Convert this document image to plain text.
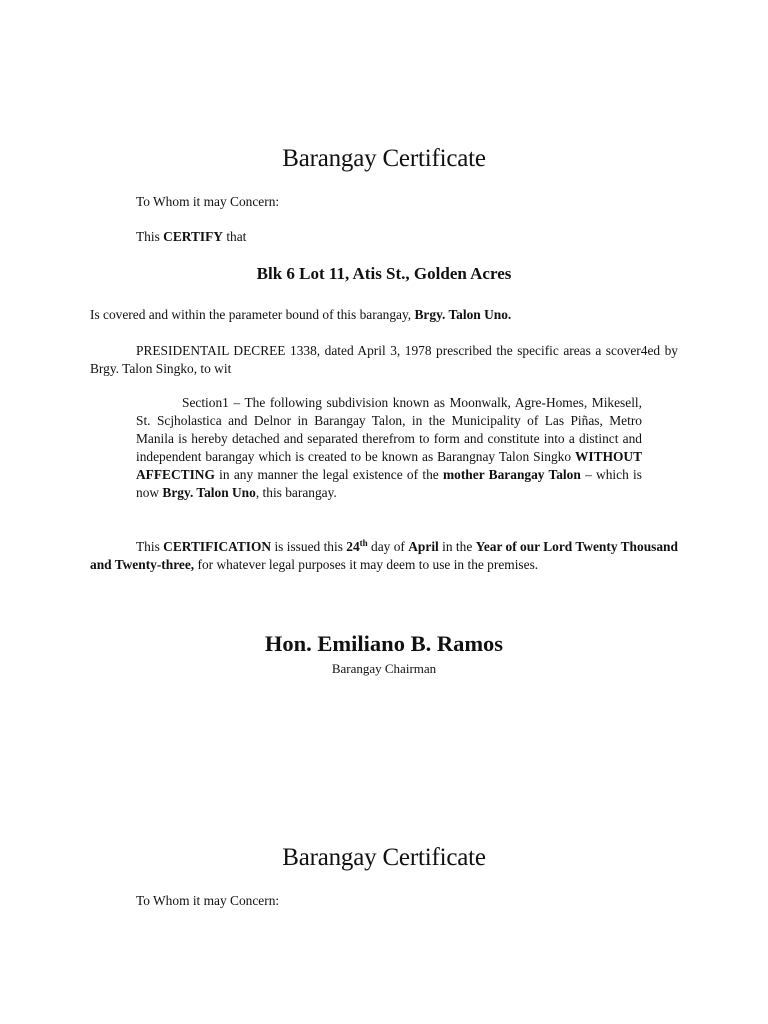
Barangay Certificate

To Whom it may Concern:

This CERTIFY that

Blk 6 Lot 11, Atis St., Golden Acres

Is covered and within the parameter bound of this barangay, Brgy. Talon Uno.

PRESIDENTAIL DECREE 1338, dated April 3, 1978 prescribed the specific areas a scover4ed by Brgy. Talon Singko, to wit

Section1 – The following subdivision known as Moonwalk, Agre-Homes, Mikesell, St. Scjholastica and Delnor in Barangay Talon, in the Municipality of Las Piñas, Metro Manila is hereby detached and separated therefrom to form and constitute into a distinct and independent barangay which is created to be known as Barangnay Talon Singko WITHOUT AFFECTING in any manner the legal existence of the mother Barangay Talon – which is now Brgy. Talon Uno, this barangay.

This CERTIFICATION is issued this 24th day of April in the Year of our Lord Twenty Thousand and Twenty-three, for whatever legal purposes it may deem to use in the premises.

Hon. Emiliano B. Ramos
Barangay Chairman
Barangay Certificate

To Whom it may Concern:
